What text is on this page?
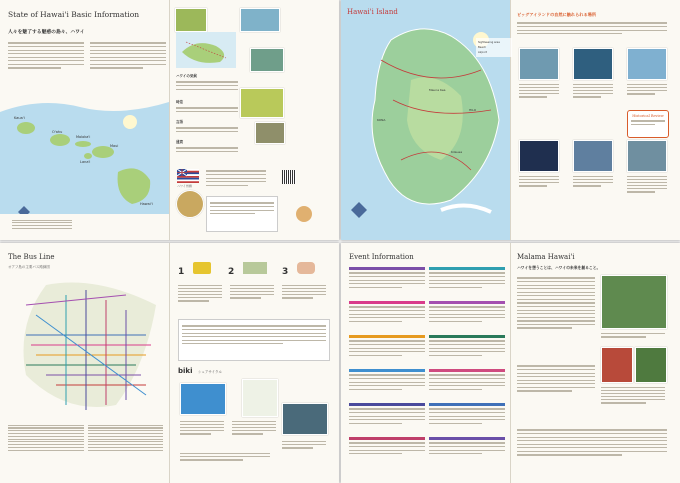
State of Hawai'i Basic Information
人々を魅了する魅惑の島々、ハワイ
Kaua'i
O'ahu
Moloka'i
Maui
Lana'i
Hawai'i
ハワイの気候
時差
言語
通貨
ハワイ州旗
Hawai'i Island
Sightseeing area
Beach
Airport
HILO
KONA
Mauna Kea
Kilauea
ビッグアイランドの自然に触れられる場所
Historical Review
The Bus Line
オアフ島の主要バス路線図	1	2	3
biki シェアサイクル
Event Information	Malama Hawai'i
ハワイを想うことは、ハワイの未来を創ること。
